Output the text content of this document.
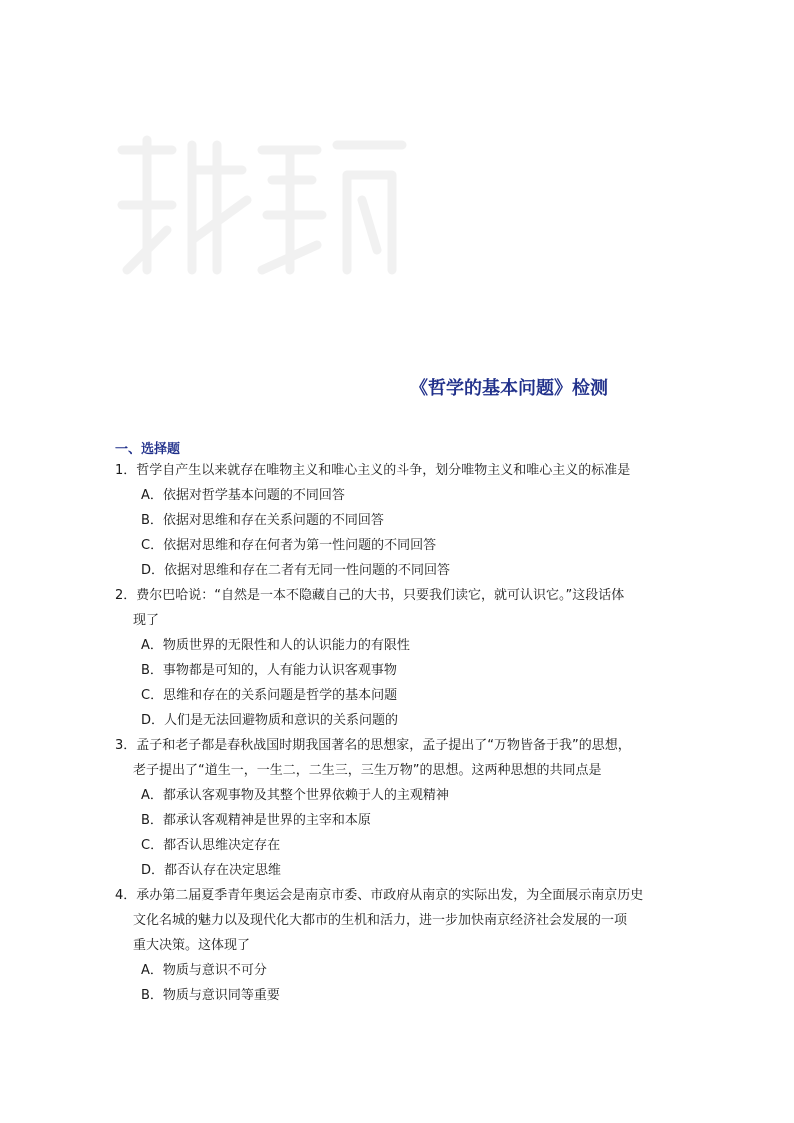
《哲学的基本问题》检测
一、选择题
1．哲学自产生以来就存在唯物主义和唯心主义的斗争，划分唯物主义和唯心主义的标准是
A．依据对哲学基本问题的不同回答
B．依据对思维和存在关系问题的不同回答
C．依据对思维和存在何者为第一性问题的不同回答
D．依据对思维和存在二者有无同一性问题的不同回答
2．费尔巴哈说：“自然是一本不隐藏自己的大书，只要我们读它，就可认识它。”这段话体
现了
A．物质世界的无限性和人的认识能力的有限性
B．事物都是可知的，人有能力认识客观事物
C．思维和存在的关系问题是哲学的基本问题
D．人们是无法回避物质和意识的关系问题的
3．孟子和老子都是春秋战国时期我国著名的思想家，孟子提出了“万物皆备于我”的思想，
老子提出了“道生一，一生二，二生三，三生万物”的思想。这两种思想的共同点是
A．都承认客观事物及其整个世界依赖于人的主观精神
B．都承认客观精神是世界的主宰和本原
C．都否认思维决定存在
D．都否认存在决定思维
4．承办第二届夏季青年奥运会是南京市委、市政府从南京的实际出发，为全面展示南京历史
文化名城的魅力以及现代化大都市的生机和活力，进一步加快南京经济社会发展的一项
重大决策。这体现了
A．物质与意识不可分
B．物质与意识同等重要
